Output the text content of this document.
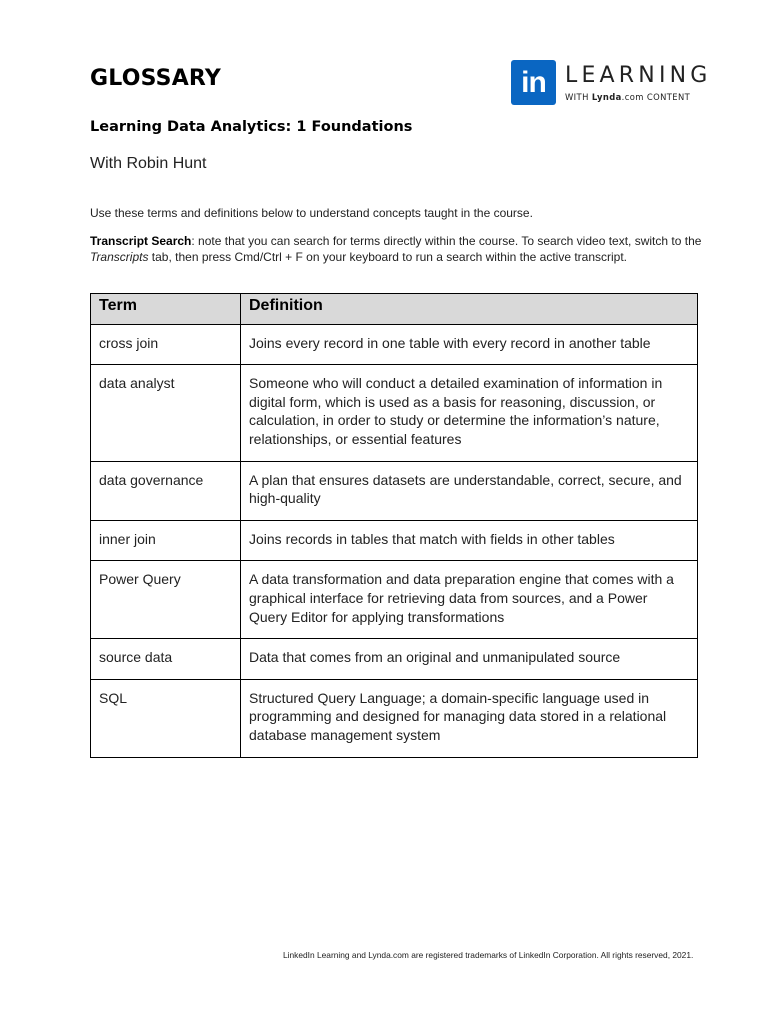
GLOSSARY	in LEARNING
WITH Lynda.com CONTENT
Learning Data Analytics: 1 Foundations
With Robin Hunt
Use these terms and definitions below to understand concepts taught in the course.
Transcript Search: note that you can search for terms directly within the course. To search video text, switch to the Transcripts tab, then press Cmd/Ctrl + F on your keyboard to run a search within the active transcript.
Term	Definition
cross join	Joins every record in one table with every record in another table
data analyst	Someone who will conduct a detailed examination of information in digital form, which is used as a basis for reasoning, discussion, or calculation, in order to study or determine the information’s nature, relationships, or essential features
data governance	A plan that ensures datasets are understandable, correct, secure, and high-quality
inner join	Joins records in tables that match with fields in other tables
Power Query	A data transformation and data preparation engine that comes with a graphical interface for retrieving data from sources, and a Power Query Editor for applying transformations
source data	Data that comes from an original and unmanipulated source
SQL	Structured Query Language; a domain-specific language used in programming and designed for managing data stored in a relational database management system
LinkedIn Learning and Lynda.com are registered trademarks of LinkedIn Corporation. All rights reserved, 2021.
